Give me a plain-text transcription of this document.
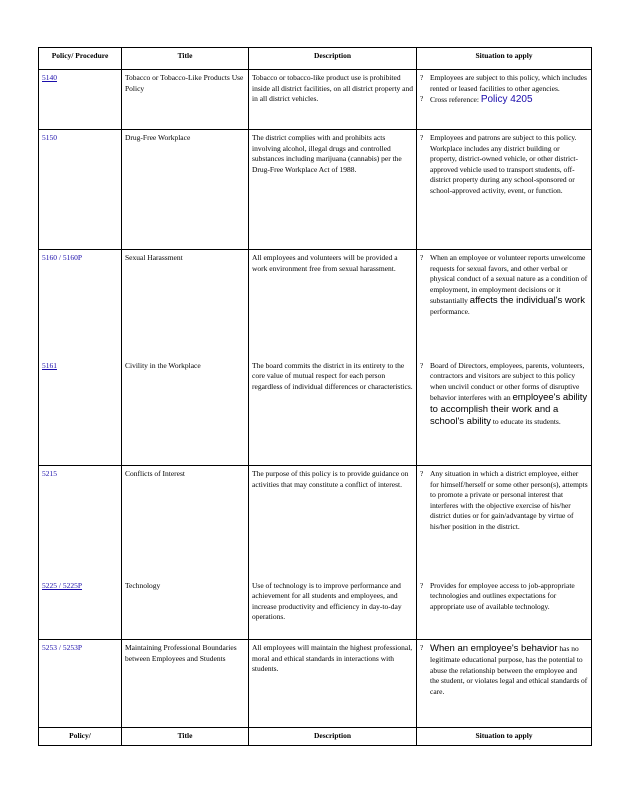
Policy/ Procedure	Title	Description	Situation to apply
5140	Tobacco or Tobacco-Like Products Use Policy	Tobacco or tobacco-like product use is prohibited inside all district facilities, on all district property and in all district vehicles.	? Employees are subject to this policy, which includes rented or leased facilities to other agencies.
? Cross reference: Policy 4205

5150	Drug-Free Workplace	The district complies with and prohibits acts involving alcohol, illegal drugs and controlled substances including marijuana (cannabis) per the Drug-Free Workplace Act of 1988.	? Employees and patrons are subject to this policy. Workplace includes any district building or property, district-owned vehicle, or other district-approved vehicle used to transport students, off-district property during any school-sponsored or school-approved activity, event, or function.

5160 / 5160P	Sexual Harassment	All employees and volunteers will be provided a work environment free from sexual harassment.	? When an employee or volunteer reports unwelcome requests for sexual favors, and other verbal or physical conduct of a sexual nature as a condition of employment, in employment decisions or it substantially affects the individual's work performance.

5161	Civility in the Workplace	The board commits the district in its entirety to the core value of mutual respect for each person regardless of individual differences or characteristics.	? Board of Directors, employees, parents, volunteers, contractors and visitors are subject to this policy when uncivil conduct or other forms of disruptive behavior interferes with an employee's ability to accomplish their work and a school's ability to educate its students.

5215	Conflicts of Interest	The purpose of this policy is to provide guidance on activities that may constitute a conflict of interest.	? Any situation in which a district employee, either for himself/herself or some other person(s), attempts to promote a private or personal interest that interferes with the objective exercise of his/her district duties or for gain/advantage by virtue of his/her position in the district.

5225 / 5225P	Technology	Use of technology is to improve performance and achievement for all students and employees, and increase productivity and efficiency in day-to-day operations.	? Provides for employee access to job-appropriate technologies and outlines expectations for appropriate use of available technology.

5253 / 5253P	Maintaining Professional Boundaries between Employees and Students	All employees will maintain the highest professional, moral and ethical standards in interactions with students.	? When an employee's behavior has no legitimate educational purpose, has the potential to abuse the relationship between the employee and the student, or violates legal and ethical standards of care.

Policy/	Title	Description	Situation to apply
